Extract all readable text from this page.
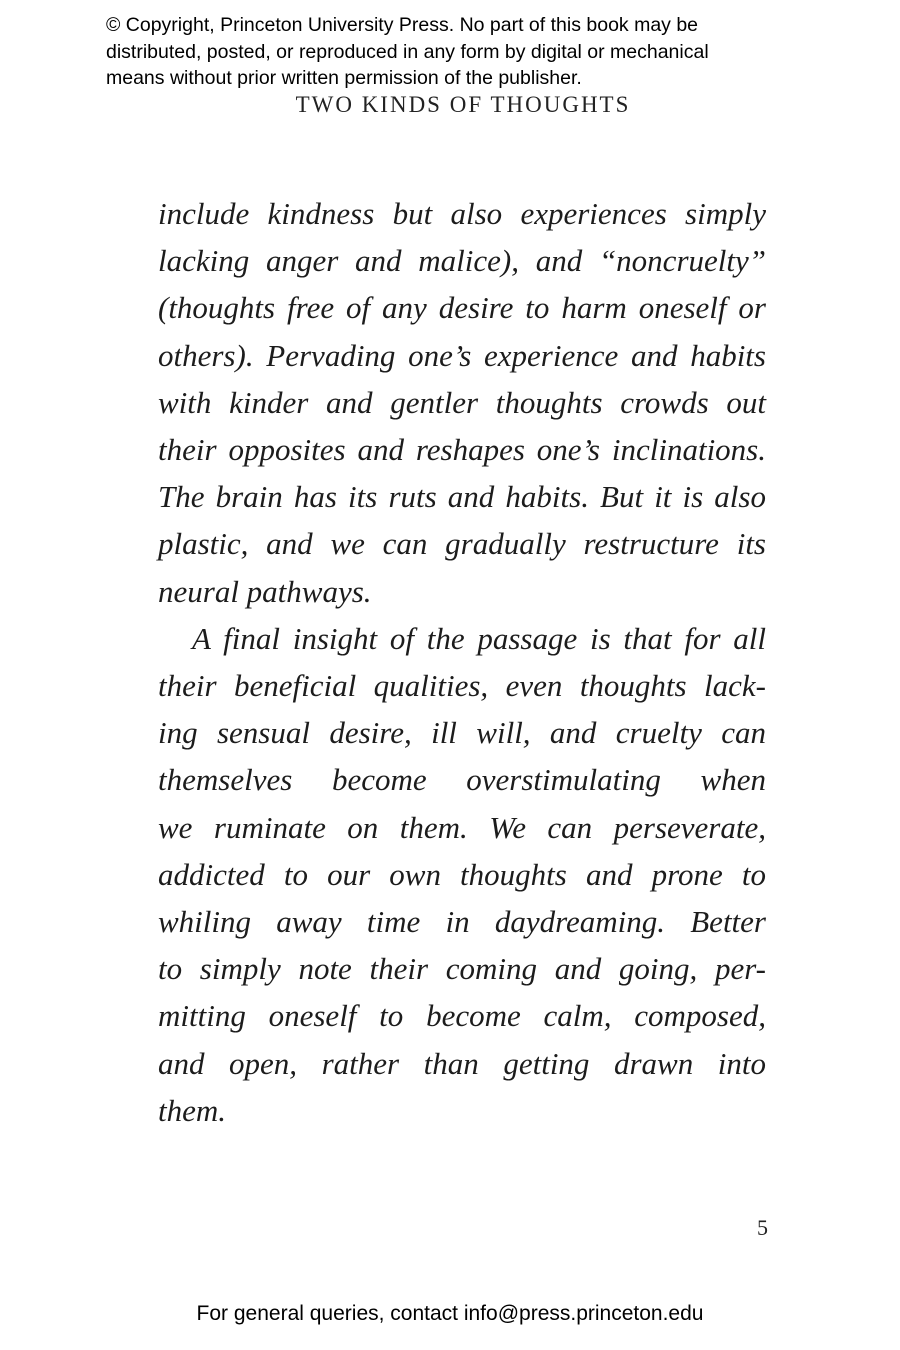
© Copyright, Princeton University Press. No part of this book may be
distributed, posted, or reproduced in any form by digital or mechanical
means without prior written permission of the publisher.
TWO KINDS OF THOUGHTS
include kindness but also experiences simply
lacking anger and malice), and “noncruelty”
(thoughts free of any desire to harm oneself or
others). Pervading one’s experience and habits
with kinder and gentler thoughts crowds out
their opposites and reshapes one’s inclinations.
The brain has its ruts and habits. But it is also
plastic, and we can gradually restructure its
neural pathways.
A final insight of the passage is that for all
their beneficial qualities, even thoughts lack-
ing sensual desire, ill will, and cruelty can
themselves become overstimulating when
we ruminate on them. We can perseverate,
addicted to our own thoughts and prone to
whiling away time in daydreaming. Better
to simply note their coming and going, per-
mitting oneself to become calm, composed,
and open, rather than getting drawn into
them.
5
For general queries, contact info@press.princeton.edu
